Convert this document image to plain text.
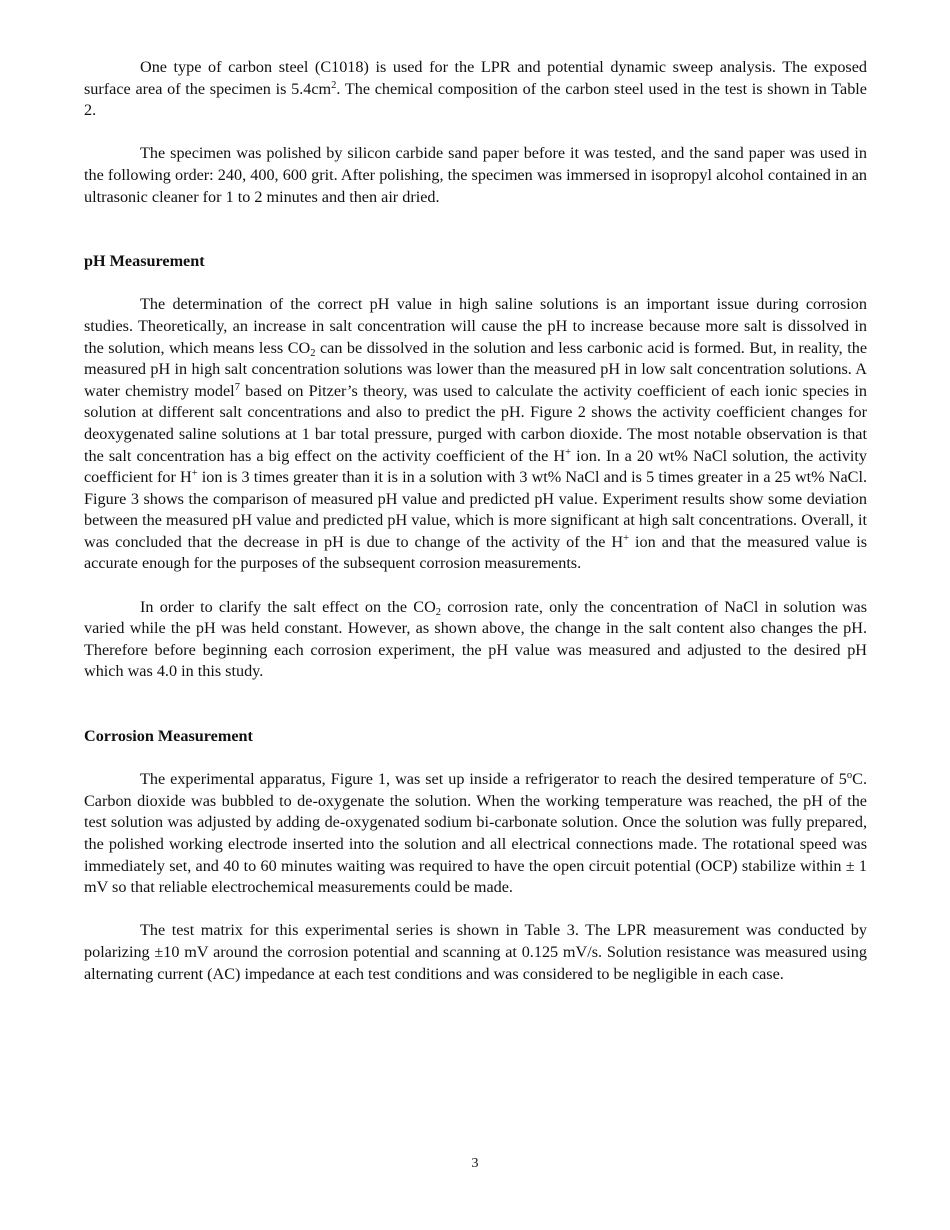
One type of carbon steel (C1018) is used for the LPR and potential dynamic sweep analysis. The exposed surface area of the specimen is $5.4cm^2$. The chemical composition of the carbon steel used in the test is shown in Table 2.

The specimen was polished by silicon carbide sand paper before it was tested, and the sand paper was used in the following order: 240, 400, 600 grit. After polishing, the specimen was immersed in isopropyl alcohol contained in an ultrasonic cleaner for 1 to 2 minutes and then air dried.

pH Measurement

The determination of the correct pH value in high saline solutions is an important issue during corrosion studies. Theoretically, an increase in salt concentration will cause the pH to increase because more salt is dissolved in the solution, which means less $CO_2$ can be dissolved in the solution and less carbonic acid is formed. But, in reality, the measured pH in high salt concentration solutions was lower than the measured pH in low salt concentration solutions. A water chemistry model$^7$ based on Pitzer’s theory, was used to calculate the activity coefficient of each ionic species in solution at different salt concentrations and also to predict the pH. Figure 2 shows the activity coefficient changes for deoxygenated saline solutions at 1 bar total pressure, purged with carbon dioxide. The most notable observation is that the salt concentration has a big effect on the activity coefficient of the H+ ion. In a 20 wt% NaCl solution, the activity coefficient for H+ ion is 3 times greater than it is in a solution with 3 wt% NaCl and is 5 times greater in a 25 wt% NaCl. Figure 3 shows the comparison of measured pH value and predicted pH value. Experiment results show some deviation between the measured pH value and predicted pH value, which is more significant at high salt concentrations. Overall, it was concluded that the decrease in pH is due to change of the activity of the H+ ion and that the measured value is accurate enough for the purposes of the subsequent corrosion measurements.

In order to clarify the salt effect on the $CO_2$ corrosion rate, only the concentration of NaCl in solution was varied while the pH was held constant. However, as shown above, the change in the salt content also changes the pH. Therefore before beginning each corrosion experiment, the pH value was measured and adjusted to the desired pH which was 4.0 in this study.

Corrosion Measurement

The experimental apparatus, Figure 1, was set up inside a refrigerator to reach the desired temperature of 5$^o$C. Carbon dioxide was bubbled to de-oxygenate the solution. When the working temperature was reached, the pH of the test solution was adjusted by adding de-oxygenated sodium bi-carbonate solution. Once the solution was fully prepared, the polished working electrode inserted into the solution and all electrical connections made. The rotational speed was immediately set, and 40 to 60 minutes waiting was required to have the open circuit potential (OCP) stabilize within ± 1 mV so that reliable electrochemical measurements could be made.

The test matrix for this experimental series is shown in Table 3. The LPR measurement was conducted by polarizing ±10 mV around the corrosion potential and scanning at 0.125 mV/s. Solution resistance was measured using alternating current (AC) impedance at each test conditions and was considered to be negligible in each case.

3
